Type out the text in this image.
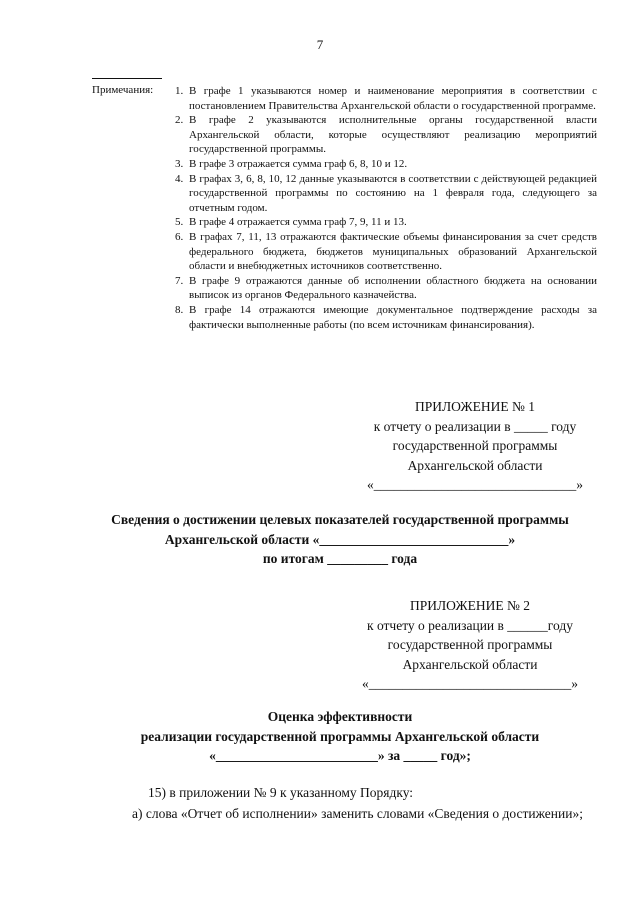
7
Примечания: 1. В графе 1 указываются номер и наименование мероприятия в соответствии с постановлением Правительства Архангельской области о государственной программе.
2. В графе 2 указываются исполнительные органы государственной власти Архангельской области, которые осуществляют реализацию мероприятий государственной программы.
3. В графе 3 отражается сумма граф 6, 8, 10 и 12.
4. В графах 3, 6, 8, 10, 12 данные указываются в соответствии с действующей редакцией государственной программы по состоянию на 1 февраля года, следующего за отчетным годом.
5. В графе 4 отражается сумма граф 7, 9, 11 и 13.
6. В графах 7, 11, 13 отражаются фактические объемы финансирования за счет средств федерального бюджета, бюджетов муниципальных образований Архангельской области и внебюджетных источников соответственно.
7. В графе 9 отражаются данные об исполнении областного бюджета на основании выписок из органов Федерального казначейства.
8. В графе 14 отражаются имеющие документальное подтверждение расходы за фактически выполненные работы (по всем источникам финансирования).
ПРИЛОЖЕНИЕ № 1
к отчету о реализации в _____ году
государственной программы
Архангельской области
«______________________________»
Сведения о достижении целевых показателей государственной программы
Архангельской области «____________________________»
по итогам _________ года
ПРИЛОЖЕНИЕ № 2
к отчету о реализации в ______году
государственной программы
Архангельской области
«______________________________»
Оценка эффективности
реализации государственной программы Архангельской области
«________________________» за _____ год»;
15) в приложении № 9 к указанному Порядку:
а) слова «Отчет об исполнении» заменить словами «Сведения о достижении»;
